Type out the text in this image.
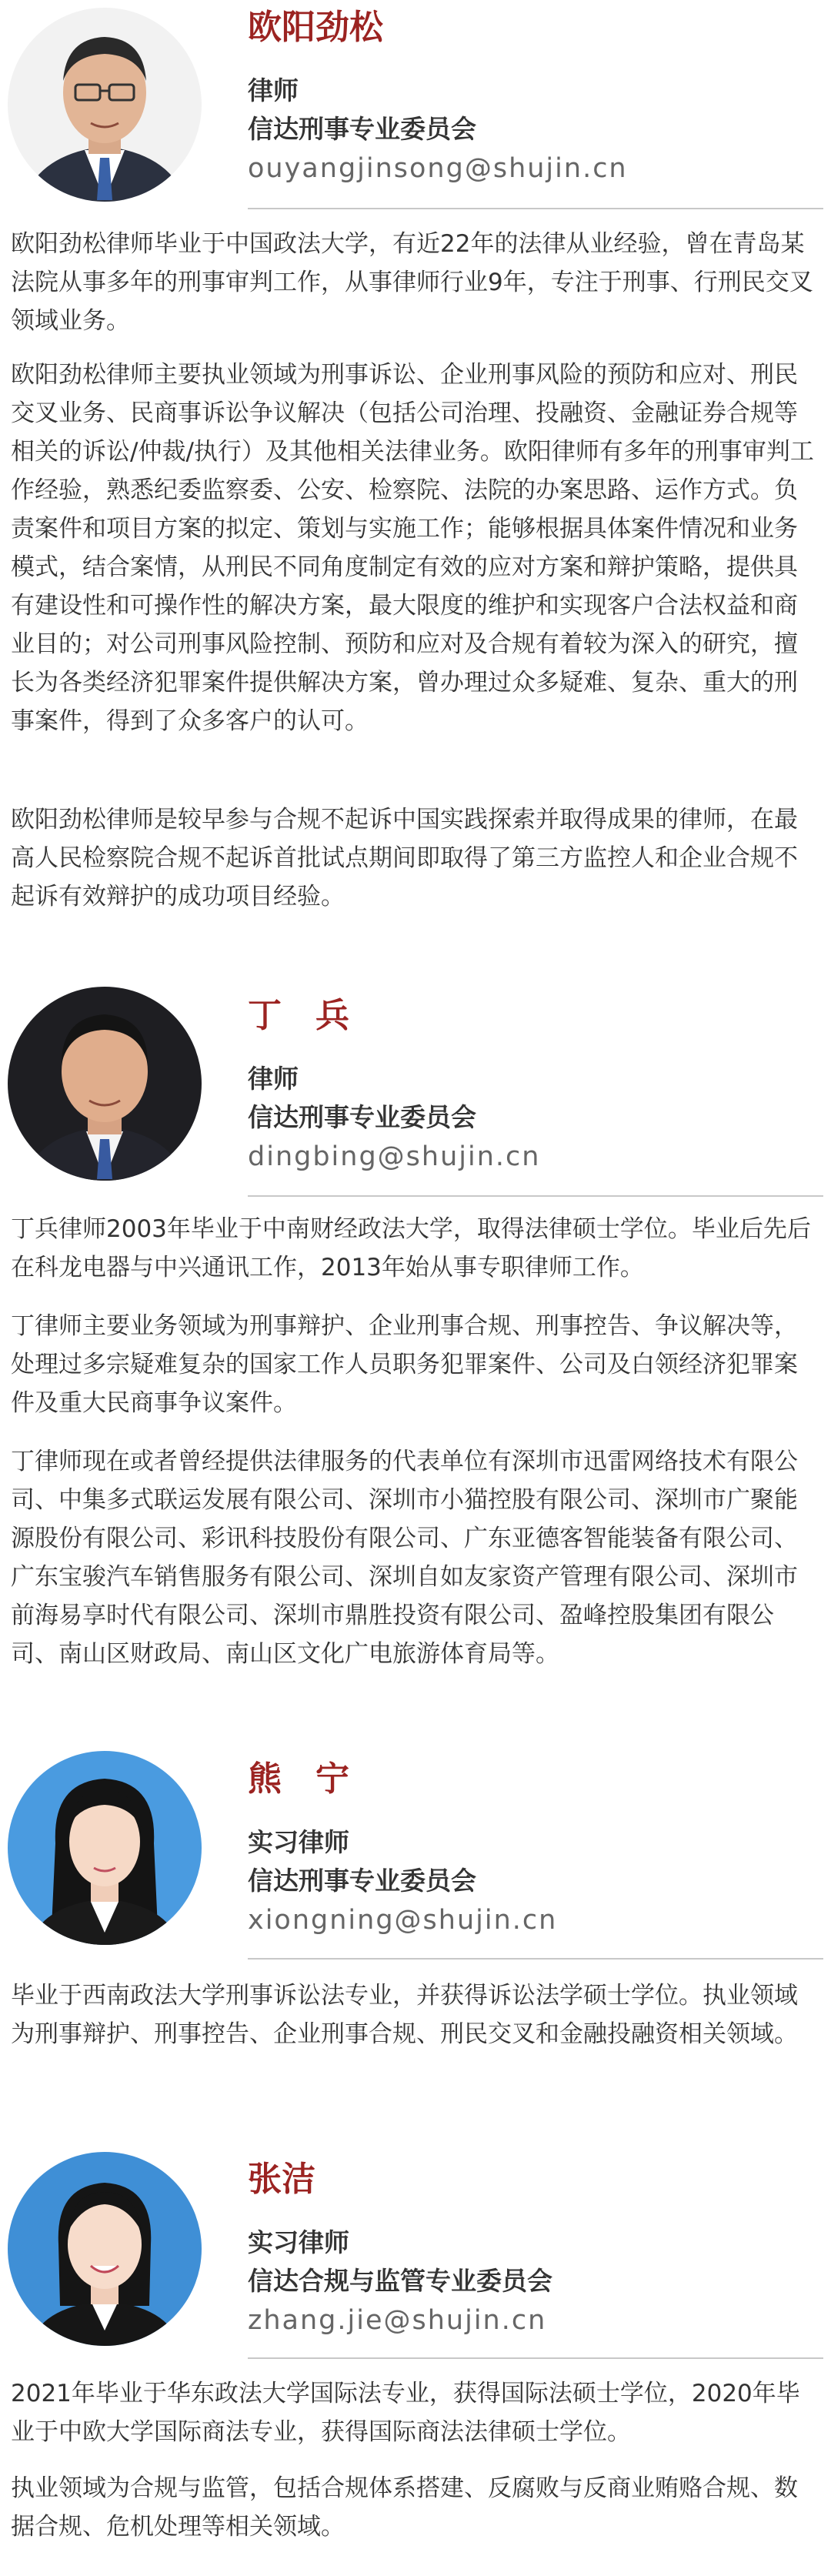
欧阳劲松

律师

信达刑事专业委员会

ouyangjinsong@shujin.cn

欧阳劲松律师毕业于中国政法大学，有近22年的法律从业经验，曾在青岛某法院从事多年的刑事审判工作，从事律师行业9年，专注于刑事、行刑民交叉领域业务。

欧阳劲松律师主要执业领域为刑事诉讼、企业刑事风险的预防和应对、刑民交叉业务、民商事诉讼争议解决（包括公司治理、投融资、金融证券合规等相关的诉讼/仲裁/执行）及其他相关法律业务。欧阳律师有多年的刑事审判工作经验，熟悉纪委监察委、公安、检察院、法院的办案思路、运作方式。负责案件和项目方案的拟定、策划与实施工作；能够根据具体案件情况和业务模式，结合案情，从刑民不同角度制定有效的应对方案和辩护策略，提供具有建设性和可操作性的解决方案，最大限度的维护和实现客户合法权益和商业目的；对公司刑事风险控制、预防和应对及合规有着较为深入的研究，擅长为各类经济犯罪案件提供解决方案，曾办理过众多疑难、复杂、重大的刑事案件，得到了众多客户的认可。

欧阳劲松律师是较早参与合规不起诉中国实践探索并取得成果的律师，在最高人民检察院合规不起诉首批试点期间即取得了第三方监控人和企业合规不起诉有效辩护的成功项目经验。

丁　兵

律师

信达刑事专业委员会

dingbing@shujin.cn

丁兵律师2003年毕业于中南财经政法大学，取得法律硕士学位。毕业后先后在科龙电器与中兴通讯工作，2013年始从事专职律师工作。

丁律师主要业务领域为刑事辩护、企业刑事合规、刑事控告、争议解决等，处理过多宗疑难复杂的国家工作人员职务犯罪案件、公司及白领经济犯罪案件及重大民商事争议案件。

丁律师现在或者曾经提供法律服务的代表单位有深圳市迅雷网络技术有限公司、中集多式联运发展有限公司、深圳市小猫控股有限公司、深圳市广聚能源股份有限公司、彩讯科技股份有限公司、广东亚德客智能装备有限公司、广东宝骏汽车销售服务有限公司、深圳自如友家资产管理有限公司、深圳市前海易享时代有限公司、深圳市鼎胜投资有限公司、盈峰控股集团有限公司、南山区财政局、南山区文化广电旅游体育局等。

熊　宁

实习律师

信达刑事专业委员会

xiongning@shujin.cn

毕业于西南政法大学刑事诉讼法专业，并获得诉讼法学硕士学位。执业领域为刑事辩护、刑事控告、企业刑事合规、刑民交叉和金融投融资相关领域。

张洁

实习律师

信达合规与监管专业委员会

zhang.jie@shujin.cn

2021年毕业于华东政法大学国际法专业，获得国际法硕士学位，2020年毕业于中欧大学国际商法专业，获得国际商法法律硕士学位。

执业领域为合规与监管，包括合规体系搭建、反腐败与反商业贿赂合规、数据合规、危机处理等相关领域。
